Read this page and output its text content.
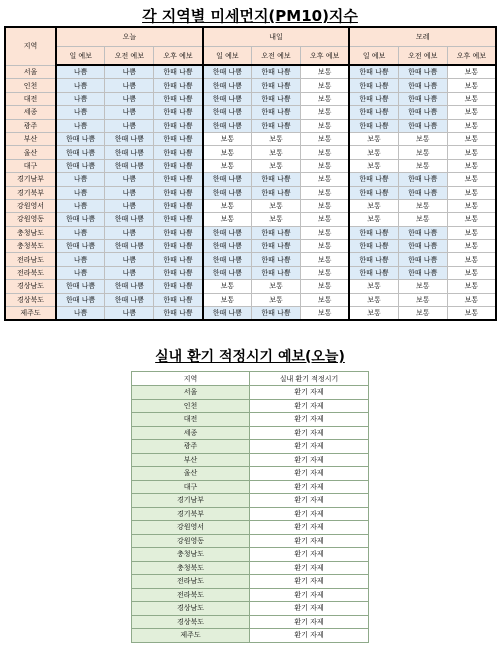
각 지역별 미세먼지(PM10)지수
지역	오늘			내일			모레		
	일 예보	오전 예보	오후 예보	일 예보	오전 예보	오후 예보	일 예보	오전 예보	오후 예보
서울	나쁨	나쁨	한때 나쁨	한때 나쁨	한때 나쁨	보통	한때 나쁨	한때 나쁨	보통
인천	나쁨	나쁨	한때 나쁨	한때 나쁨	한때 나쁨	보통	한때 나쁨	한때 나쁨	보통
대전	나쁨	나쁨	한때 나쁨	한때 나쁨	한때 나쁨	보통	한때 나쁨	한때 나쁨	보통
세종	나쁨	나쁨	한때 나쁨	한때 나쁨	한때 나쁨	보통	한때 나쁨	한때 나쁨	보통
광주	나쁨	나쁨	한때 나쁨	한때 나쁨	한때 나쁨	보통	한때 나쁨	한때 나쁨	보통
부산	한때 나쁨	한때 나쁨	한때 나쁨	보통	보통	보통	보통	보통	보통
울산	한때 나쁨	한때 나쁨	한때 나쁨	보통	보통	보통	보통	보통	보통
대구	한때 나쁨	한때 나쁨	한때 나쁨	보통	보통	보통	보통	보통	보통
경기남부	나쁨	나쁨	한때 나쁨	한때 나쁨	한때 나쁨	보통	한때 나쁨	한때 나쁨	보통
경기북부	나쁨	나쁨	한때 나쁨	한때 나쁨	한때 나쁨	보통	한때 나쁨	한때 나쁨	보통
강원영서	나쁨	나쁨	한때 나쁨	보통	보통	보통	보통	보통	보통
강원영동	한때 나쁨	한때 나쁨	한때 나쁨	보통	보통	보통	보통	보통	보통
충청남도	나쁨	나쁨	한때 나쁨	한때 나쁨	한때 나쁨	보통	한때 나쁨	한때 나쁨	보통
충청북도	한때 나쁨	한때 나쁨	한때 나쁨	한때 나쁨	한때 나쁨	보통	한때 나쁨	한때 나쁨	보통
전라남도	나쁨	나쁨	한때 나쁨	한때 나쁨	한때 나쁨	보통	한때 나쁨	한때 나쁨	보통
전라북도	나쁨	나쁨	한때 나쁨	한때 나쁨	한때 나쁨	보통	한때 나쁨	한때 나쁨	보통
경상남도	한때 나쁨	한때 나쁨	한때 나쁨	보통	보통	보통	보통	보통	보통
경상북도	한때 나쁨	한때 나쁨	한때 나쁨	보통	보통	보통	보통	보통	보통
제주도	나쁨	나쁨	한때 나쁨	한때 나쁨	한때 나쁨	보통	보통	보통	보통
실내 환기 적정시기 예보(오늘)
지역	실내 환기 적정시기
서울	환기 자제
인천	환기 자제
대전	환기 자제
세종	환기 자제
광주	환기 자제
부산	환기 자제
울산	환기 자제
대구	환기 자제
경기남부	환기 자제
경기북부	환기 자제
강원영서	환기 자제
강원영동	환기 자제
충청남도	환기 자제
충청북도	환기 자제
전라남도	환기 자제
전라북도	환기 자제
경상남도	환기 자제
경상북도	환기 자제
제주도	환기 자제
